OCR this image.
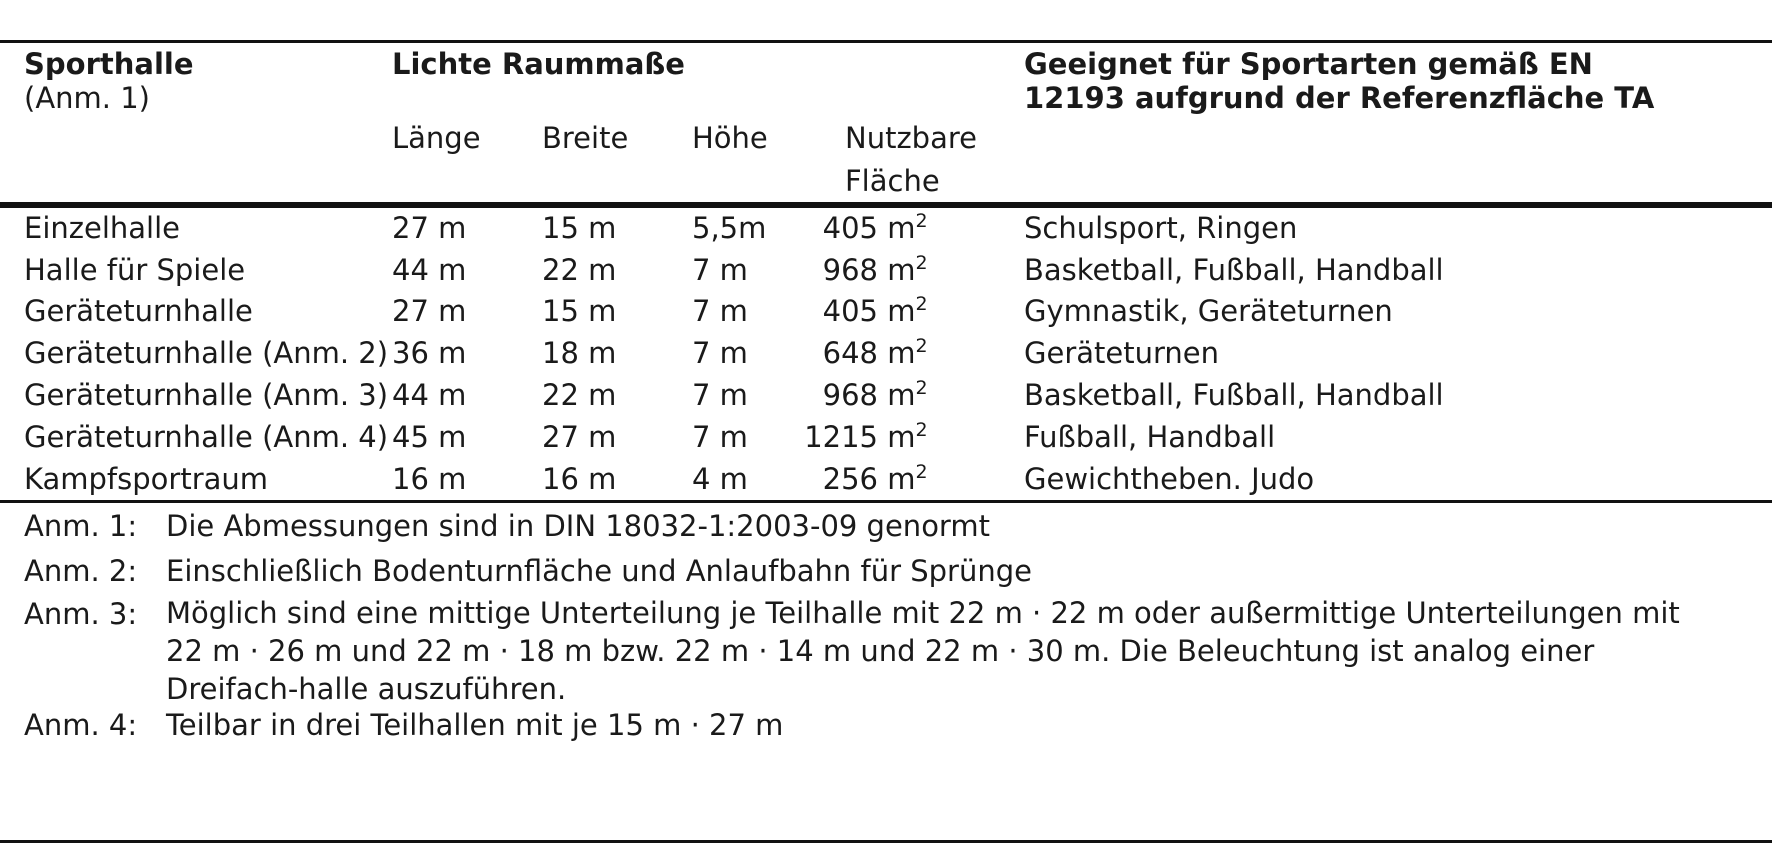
Sporthalle
(Anm. 1)
Lichte Raummaße	Geeignet für Sportarten gemäß EN
12193 aufgrund der Referenzfläche TA
Länge Breite Höhe	Nutzbare
Fläche
Einzelhalle	27 m	15 m	5,5m	405 $m^2$	Schulsport, Ringen
Halle für Spiele	44 m	22 m	7 m	968 $m^2$	Basketball, Fußball, Handball
Geräteturnhalle	27 m	15 m	7 m	405 $m^2$	Gymnastik, Geräteturnen
Geräteturnhalle (Anm. 2) 36 m	18 m	7 m	648 $m^2$	Geräteturnen
Geräteturnhalle (Anm. 3) 44 m	22 m	7 m	968 $m^2$	Basketball, Fußball, Handball
Geräteturnhalle (Anm. 4) 45 m	27 m	7 m 1215 $m^2$	Fußball, Handball
Kampfsportraum	16 m	16 m	4 m	256 $m^2$	Gewichtheben. Judo
Anm. 1: Die Abmessungen sind in DIN 18032-1:2003-09 genormt
Anm. 2: Einschließlich Bodenturnfläche und Anlaufbahn für Sprünge
Anm. 3: Möglich sind eine mittige Unterteilung je Teilhalle mit 22 m · 22 m oder außermittige Unterteilungen mit 22 m · 26 m und 22 m · 18 m bzw. 22 m · 14 m und 22 m · 30 m. Die Beleuchtung ist analog einer Dreifach-halle auszuführen.
Anm. 4: Teilbar in drei Teilhallen mit je 15 m · 27 m
